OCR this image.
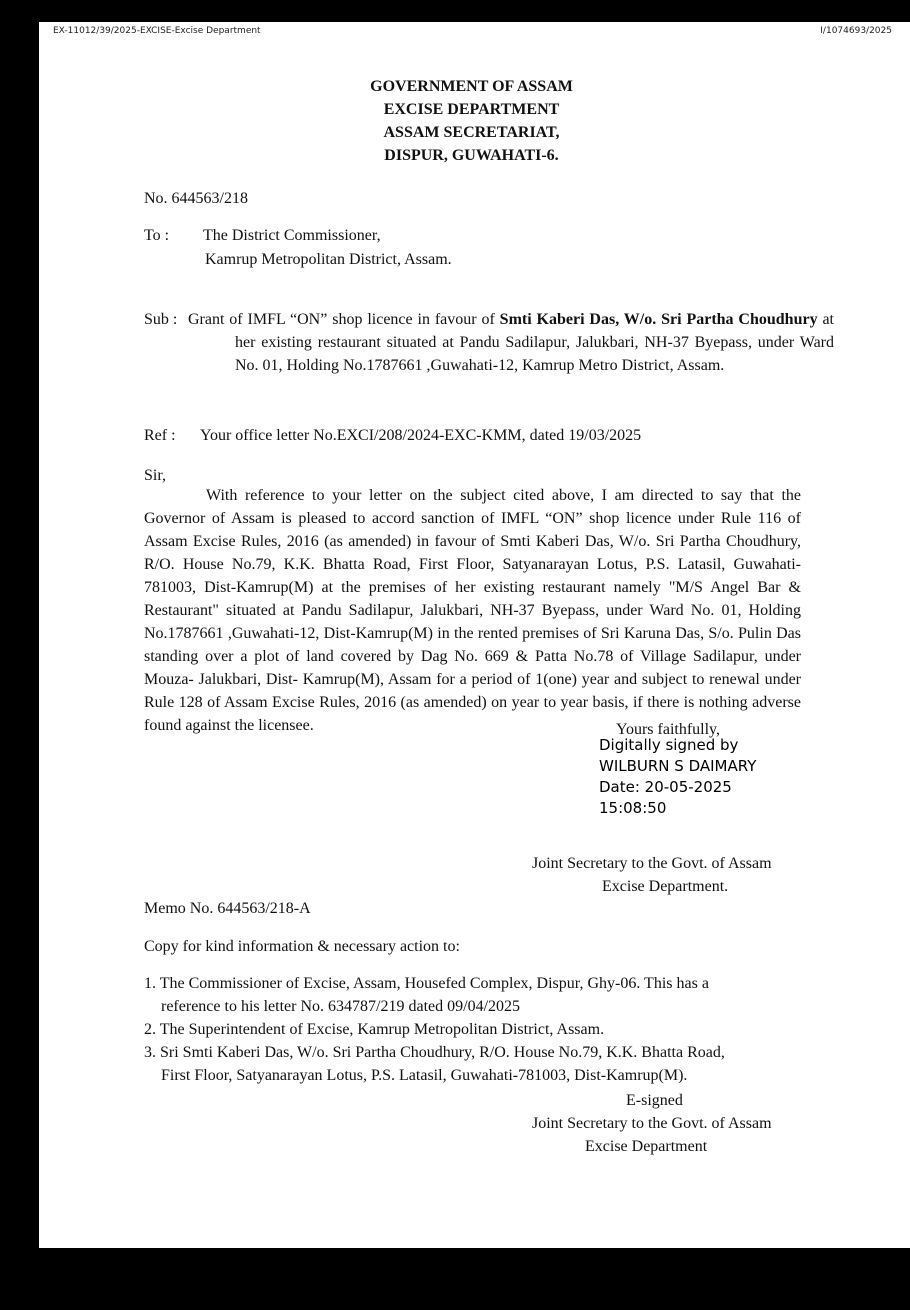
EX-11012/39/2025-EXCISE-Excise Department	I/1074693/2025
GOVERNMENT OF ASSAM
EXCISE DEPARTMENT
ASSAM SECRETARIAT,
DISPUR, GUWAHATI-6.
No. 644563/218
To : The District Commissioner,
Kamrup Metropolitan District, Assam.
Sub : Grant of IMFL “ON” shop licence in favour of Smti Kaberi Das, W/o. Sri Partha Choudhury at her existing restaurant situated at Pandu Sadilapur, Jalukbari, NH-37 Byepass, under Ward No. 01, Holding No.1787661 ,Guwahati-12, Kamrup Metro District, Assam.
Ref : Your office letter No.EXCI/208/2024-EXC-KMM, dated 19/03/2025
Sir,
With reference to your letter on the subject cited above, I am directed to say that the Governor of Assam is pleased to accord sanction of IMFL “ON” shop licence under Rule 116 of Assam Excise Rules, 2016 (as amended) in favour of Smti Kaberi Das, W/o. Sri Partha Choudhury, R/O. House No.79, K.K. Bhatta Road, First Floor, Satyanarayan Lotus, P.S. Latasil, Guwahati-781003, Dist-Kamrup(M) at the premises of her existing restaurant namely "M/S Angel Bar & Restaurant" situated at Pandu Sadilapur, Jalukbari, NH-37 Byepass, under Ward No. 01, Holding No.1787661 ,Guwahati-12, Dist-Kamrup(M) in the rented premises of Sri Karuna Das, S/o. Pulin Das standing over a plot of land covered by Dag No. 669 & Patta No.78 of Village Sadilapur, under Mouza- Jalukbari, Dist- Kamrup(M), Assam for a period of 1(one) year and subject to renewal under Rule 128 of Assam Excise Rules, 2016 (as amended) on year to year basis, if there is nothing adverse found against the licensee.	Yours faithfully,
Digitally signed by
WILBURN S DAIMARY
Date: 20-05-2025
15:08:50
Joint Secretary to the Govt. of Assam
Excise Department.
Memo No. 644563/218-A
Copy for kind information & necessary action to:
1. The Commissioner of Excise, Assam, Housefed Complex, Dispur, Ghy-06. This has a
reference to his letter No. 634787/219 dated 09/04/2025
2. The Superintendent of Excise, Kamrup Metropolitan District, Assam.
3. Sri Smti Kaberi Das, W/o. Sri Partha Choudhury, R/O. House No.79, K.K. Bhatta Road,
First Floor, Satyanarayan Lotus, P.S. Latasil, Guwahati-781003, Dist-Kamrup(M).
E-signed
Joint Secretary to the Govt. of Assam
Excise Department
